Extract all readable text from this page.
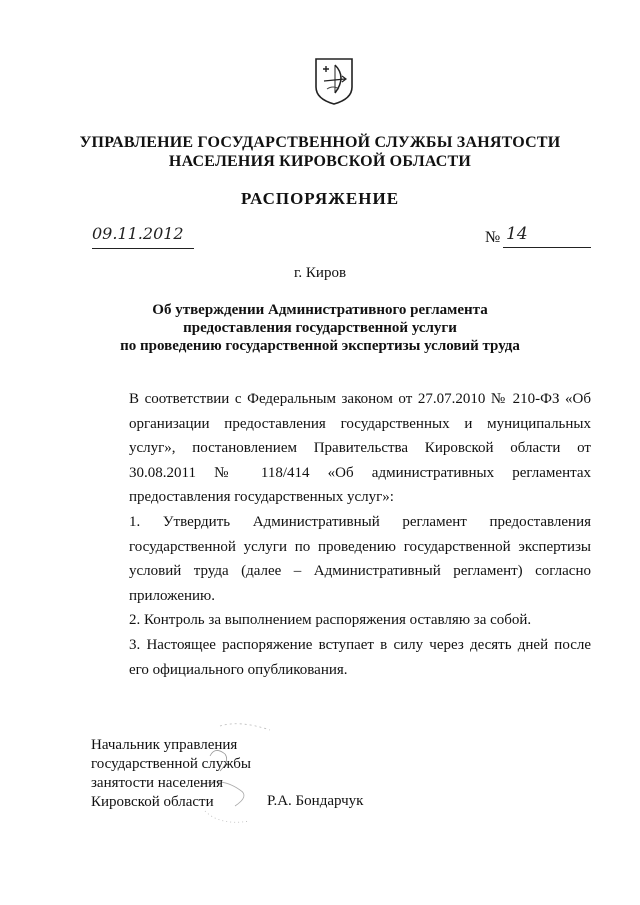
УПРАВЛЕНИЕ ГОСУДАРСТВЕННОЙ СЛУЖБЫ ЗАНЯТОСТИ
НАСЕЛЕНИЯ КИРОВСКОЙ ОБЛАСТИ
РАСПОРЯЖЕНИЕ
09.11.2012	№ 14
г. Киров
Об утверждении Административного регламента
предоставления государственной услуги
по проведению государственной экспертизы условий труда

В соответствии с Федеральным законом от 27.07.2010 № 210-ФЗ «Об организации предоставления государственных и муниципальных услуг», постановлением Правительства Кировской области от 30.08.2011 № 118/414 «Об административных регламентах предоставления государственных услуг»:

1. Утвердить Административный регламент предоставления государственной услуги по проведению государственной экспертизы условий труда (далее – Административный регламент) согласно приложению.

2. Контроль за выполнением распоряжения оставляю за собой.

3. Настоящее распоряжение вступает в силу через десять дней после его официального опубликования.

Начальник управления
государственной службы
занятости населения
Кировской области	Р.А. Бондарчук
